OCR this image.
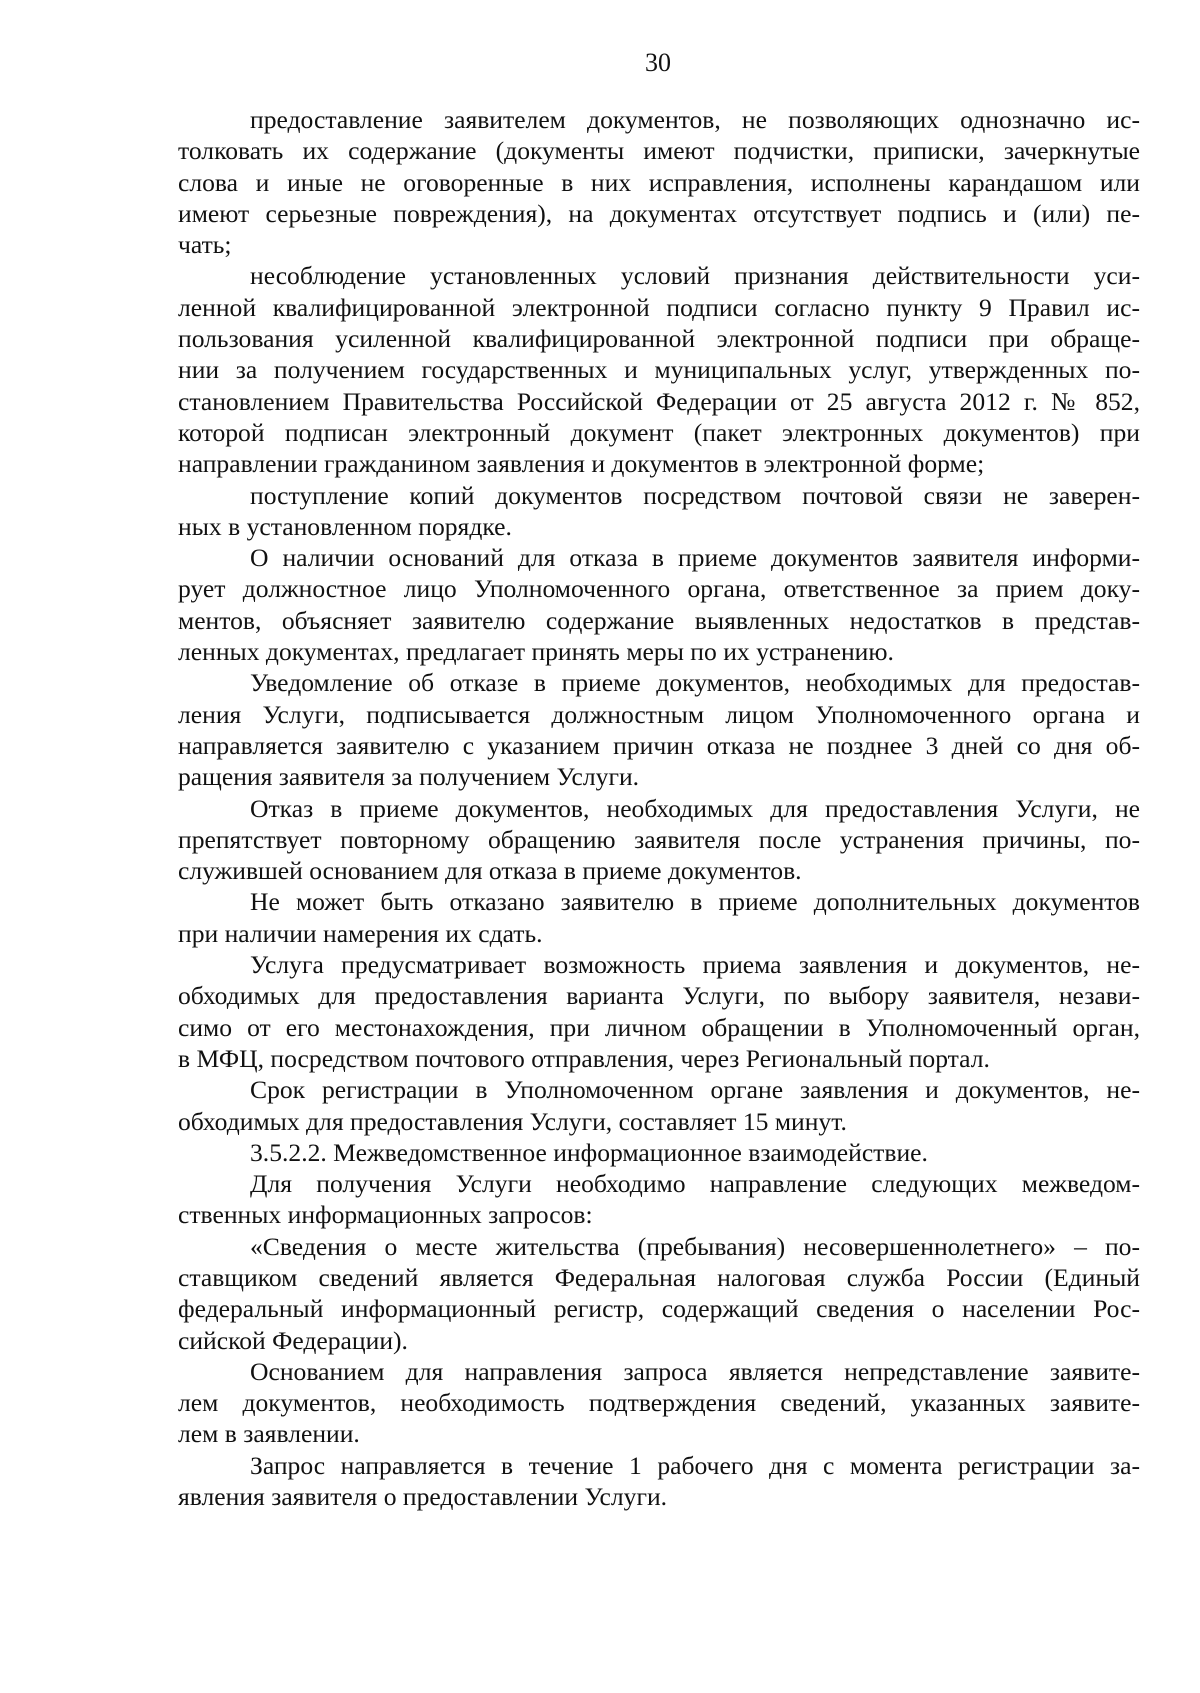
30
предоставление заявителем документов, не позволяющих однозначно ис-
толковать их содержание (документы имеют подчистки, приписки, зачеркнутые
слова и иные не оговоренные в них исправления, исполнены карандашом или
имеют серьезные повреждения), на документах отсутствует подпись и (или) пе-
чать;
несоблюдение установленных условий признания действительности уси-
ленной квалифицированной электронной подписи согласно пункту 9 Правил ис-
пользования усиленной квалифицированной электронной подписи при обраще-
нии за получением государственных и муниципальных услуг, утвержденных по-
становлением Правительства Российской Федерации от 25 августа 2012 г. № 852,
которой подписан электронный документ (пакет электронных документов) при
направлении гражданином заявления и документов в электронной форме;
поступление копий документов посредством почтовой связи не заверен-
ных в установленном порядке.
О наличии оснований для отказа в приеме документов заявителя информи-
рует должностное лицо Уполномоченного органа, ответственное за прием доку-
ментов, объясняет заявителю содержание выявленных недостатков в представ-
ленных документах, предлагает принять меры по их устранению.
Уведомление об отказе в приеме документов, необходимых для предостав-
ления Услуги, подписывается должностным лицом Уполномоченного органа и
направляется заявителю с указанием причин отказа не позднее 3 дней со дня об-
ращения заявителя за получением Услуги.
Отказ в приеме документов, необходимых для предоставления Услуги, не
препятствует повторному обращению заявителя после устранения причины, по-
служившей основанием для отказа в приеме документов.
Не может быть отказано заявителю в приеме дополнительных документов
при наличии намерения их сдать.
Услуга предусматривает возможность приема заявления и документов, не-
обходимых для предоставления варианта Услуги, по выбору заявителя, незави-
симо от его местонахождения, при личном обращении в Уполномоченный орган,
в МФЦ, посредством почтового отправления, через Региональный портал.
Срок регистрации в Уполномоченном органе заявления и документов, не-
обходимых для предоставления Услуги, составляет 15 минут.
3.5.2.2. Межведомственное информационное взаимодействие.
Для получения Услуги необходимо направление следующих межведом-
ственных информационных запросов:
«Сведения о месте жительства (пребывания) несовершеннолетнего» – по-
ставщиком сведений является Федеральная налоговая служба России (Единый
федеральный информационный регистр, содержащий сведения о населении Рос-
сийской Федерации).
Основанием для направления запроса является непредставление заявите-
лем документов, необходимость подтверждения сведений, указанных заявите-
лем в заявлении.
Запрос направляется в течение 1 рабочего дня с момента регистрации за-
явления заявителя о предоставлении Услуги.
